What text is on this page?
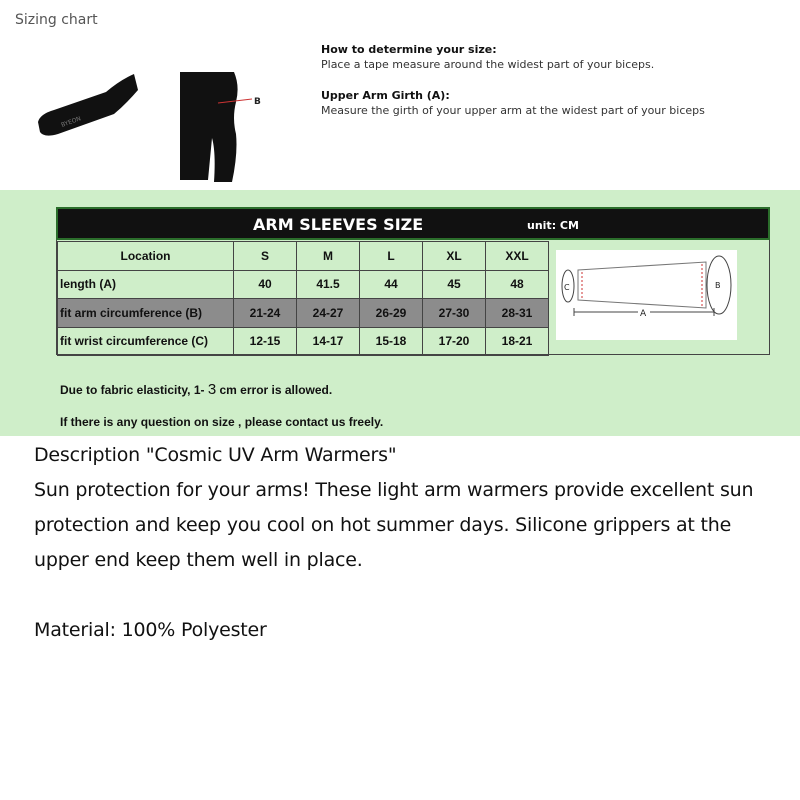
Sizing chart
BYEON
B
How to determine your size:
Place a tape measure around the widest part of your biceps.
Upper Arm Girth (A):
Measure the girth of your upper arm at the widest part of your biceps
ARM SLEEVES SIZE	unit: CM
Location	S	M	L	XL	XXL
length (A)	40	41.5	44	45	48
fit arm circumference (B)	21-24	24-27	26-29	27-30	28-31
fit wrist circumference (C)	12-15	14-17	15-18	17-20	18-21
A
C	B
Due to fabric elasticity, 1- 3 cm error is allowed.
If there is any question on size , please contact us freely.
Description "Cosmic UV Arm Warmers"
Sun protection for your arms! These light arm warmers provide excellent sun
protection and keep you cool on hot summer days. Silicone grippers at the
upper end keep them well in place.
Material: 100% Polyester
